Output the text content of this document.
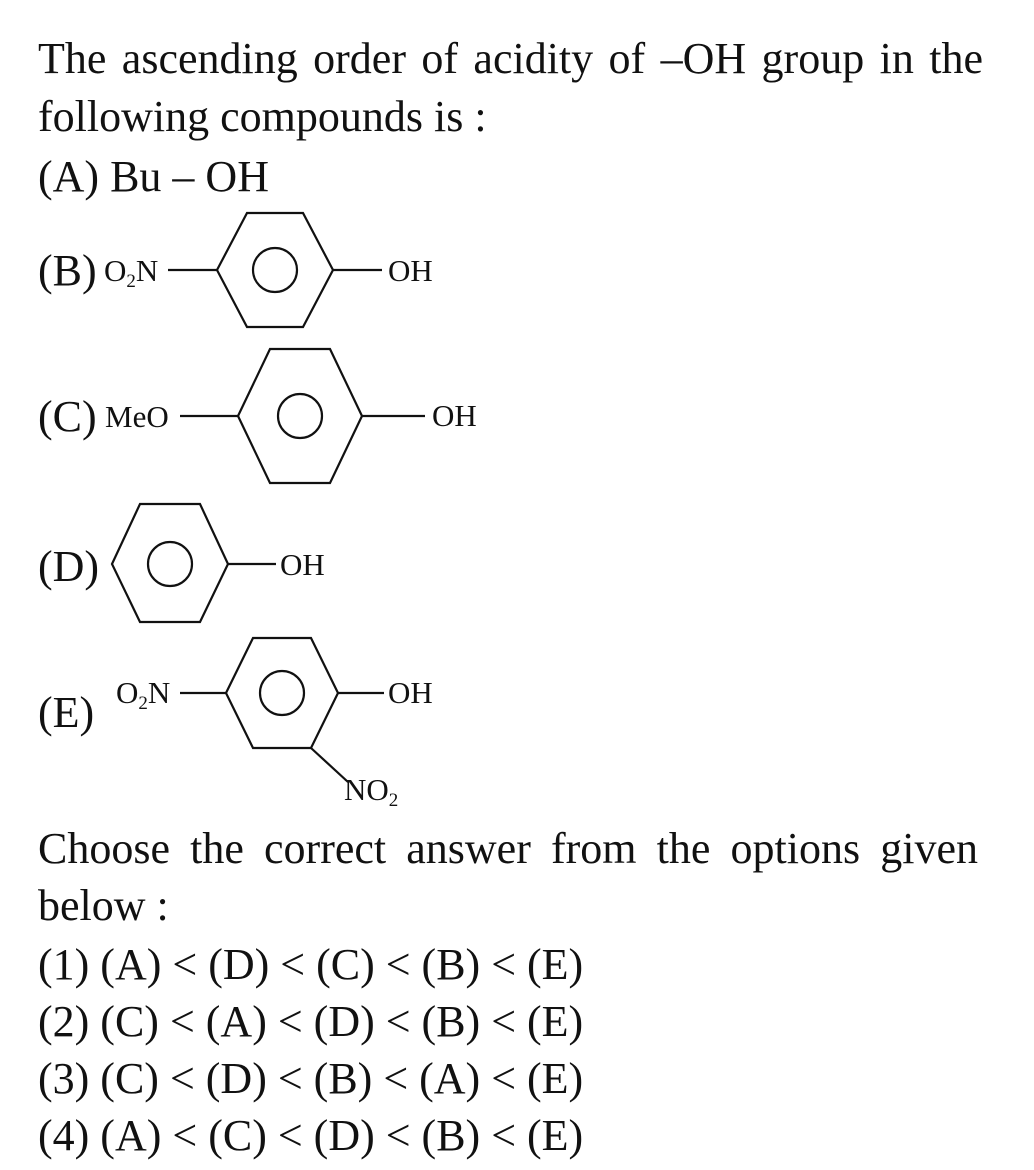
The ascending order of acidity of –OH group in the following compounds is :

(A) Bu – OH
(B) $O_2N$	OH
(C) MeO	OH
(D)	OH
(E) $O_2N$	OH
$NO_2$

Choose the correct answer from the options given below :

(1) (A) < (D) < (C) < (B) < (E)
(2) (C) < (A) < (D) < (B) < (E)
(3) (C) < (D) < (B) < (A) < (E)
(4) (A) < (C) < (D) < (B) < (E)
